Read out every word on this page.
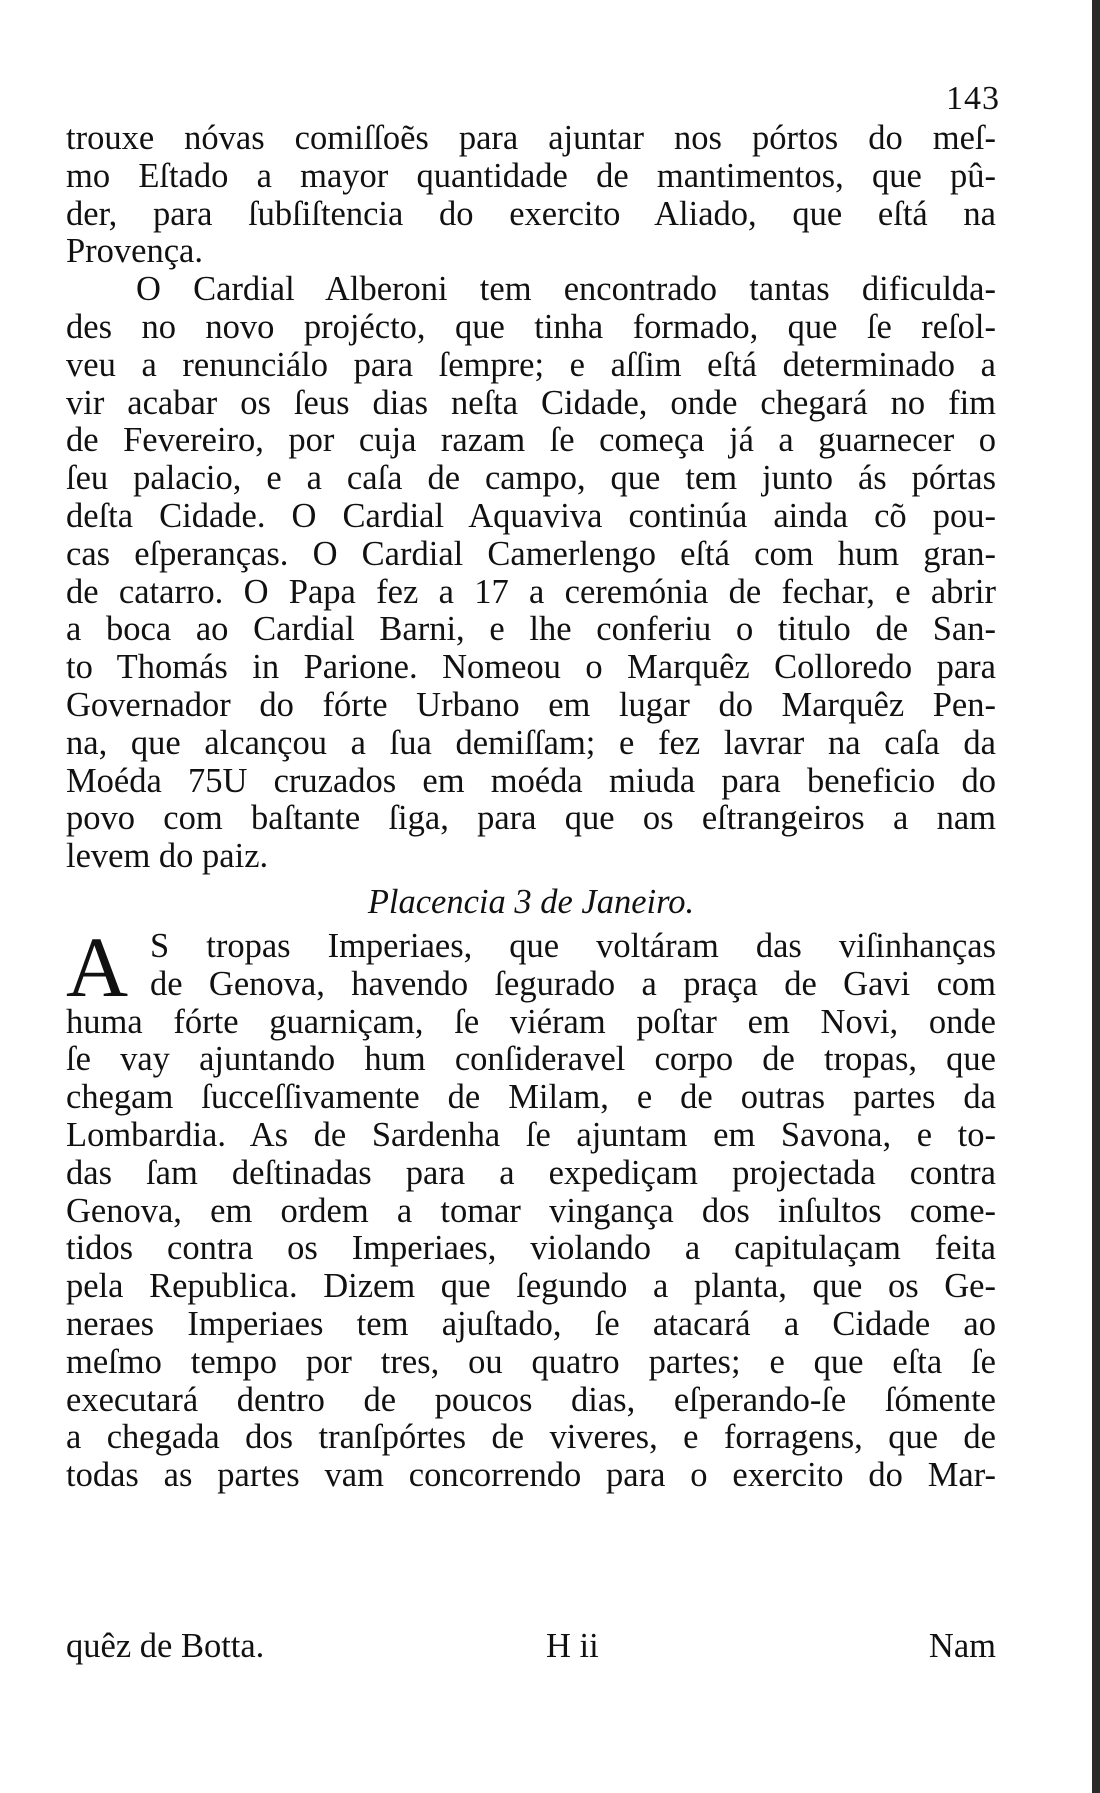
143
trouxe nóvas comiſſoẽs para ajuntar nos pórtos do meſ-
mo Eſtado a mayor quantidade de mantimentos, que pû-
der, para ſubſiſtencia do exercito Aliado, que eſtá na
Provença.
O Cardial Alberoni tem encontrado tantas dificulda-
des no novo projécto, que tinha formado, que ſe reſol-
veu a renunciálo para ſempre; e aſſim eſtá determinado a
vir acabar os ſeus dias neſta Cidade, onde chegará no fim
de Fevereiro, por cuja razam ſe começa já a guarnecer o
ſeu palacio, e a caſa de campo, que tem junto ás pórtas
deſta Cidade. O Cardial Aquaviva continúa ainda cõ pou-
cas eſperanças. O Cardial Camerlengo eſtá com hum gran-
de catarro. O Papa fez a 17 a ceremónia de fechar, e abrir
a boca ao Cardial Barni, e lhe conferiu o titulo de San-
to Thomás in Parione. Nomeou o Marquêz Colloredo para
Governador do fórte Urbano em lugar do Marquêz Pen-
na, que alcançou a ſua demiſſam; e fez lavrar na caſa da
Moéda 75U cruzados em moéda miuda para beneficio do
povo com baſtante ſiga, para que os eſtrangeiros a nam
levem do paiz.
Placencia 3 de Janeiro.
A S tropas Imperiaes, que voltáram das viſinhanças
de Genova, havendo ſegurado a praça de Gavi com
huma fórte guarniçam, ſe viéram poſtar em Novi, onde
ſe vay ajuntando hum conſideravel corpo de tropas, que
chegam ſucceſſivamente de Milam, e de outras partes da
Lombardia. As de Sardenha ſe ajuntam em Savona, e to-
das ſam deſtinadas para a expediçam projectada contra
Genova, em ordem a tomar vingança dos inſultos come-
tidos contra os Imperiaes, violando a capitulaçam feita
pela Republica. Dizem que ſegundo a planta, que os Ge-
neraes Imperiaes tem ajuſtado, ſe atacará a Cidade ao
meſmo tempo por tres, ou quatro partes; e que eſta ſe
executará dentro de poucos dias, eſperando-ſe ſómente
a chegada dos tranſpórtes de viveres, e forragens, que de
todas as partes vam concorrendo para o exercito do Mar-
quêz de Botta.	H ii	Nam
